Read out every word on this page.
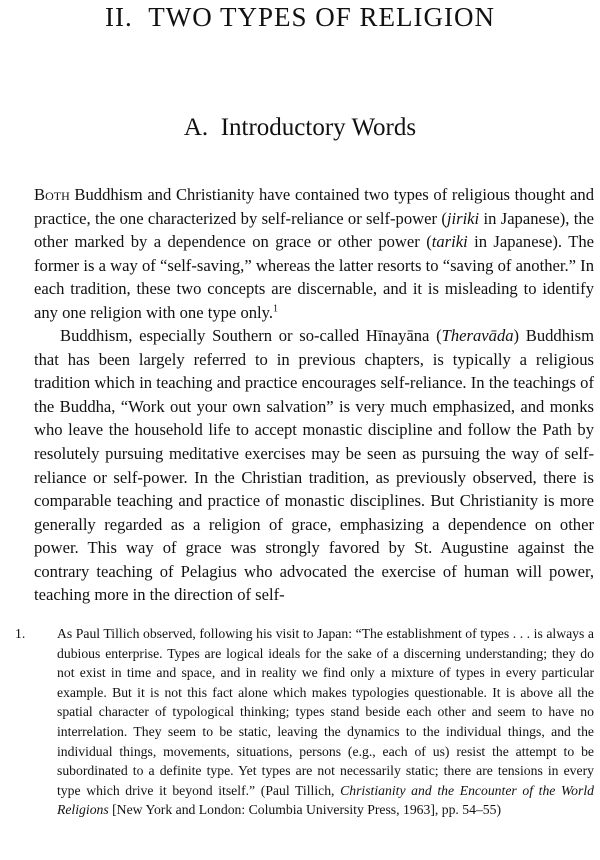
II. TWO TYPES OF RELIGION
A. Introductory Words

Both Buddhism and Christianity have contained two types of religious thought and practice, the one characterized by self-reliance or self-power (jiriki in Japanese), the other marked by a dependence on grace or other power (tariki in Japanese). The former is a way of “self-saving,” whereas the latter resorts to “saving of another.” In each tradition, these two concepts are discernable, and it is misleading to identify any one religion with one type only.$^1$

Buddhism, especially Southern or so-called Hīnayāna (Theravāda) Buddhism that has been largely referred to in previous chapters, is typically a religious tradition which in teaching and practice encourages self-reliance. In the teachings of the Buddha, “Work out your own salvation” is very much emphasized, and monks who leave the household life to accept monastic discipline and follow the Path by resolutely pursuing meditative exercises may be seen as pursuing the way of self-reliance or self-power. In the Christian tradition, as previously observed, there is comparable teaching and practice of monastic disciplines. But Christianity is more generally regarded as a religion of grace, emphasizing a dependence on other power. This way of grace was strongly favored by St. Augustine against the contrary teaching of Pelagius who advocated the exercise of human will power, teaching more in the direction of self-

1. As Paul Tillich observed, following his visit to Japan: “The establishment of types . . . is always a dubious enterprise. Types are logical ideals for the sake of a discerning understanding; they do not exist in time and space, and in reality we find only a mixture of types in every particular example. But it is not this fact alone which makes typologies questionable. It is above all the spatial character of typological thinking; types stand beside each other and seem to have no interrelation. They seem to be static, leaving the dynamics to the individual things, and the individual things, movements, situations, persons (e.g., each of us) resist the attempt to be subordinated to a definite type. Yet types are not necessarily static; there are tensions in every type which drive it beyond itself.” (Paul Tillich, Christianity and the Encounter of the World Religions [New York and London: Columbia University Press, 1963], pp. 54–55)
